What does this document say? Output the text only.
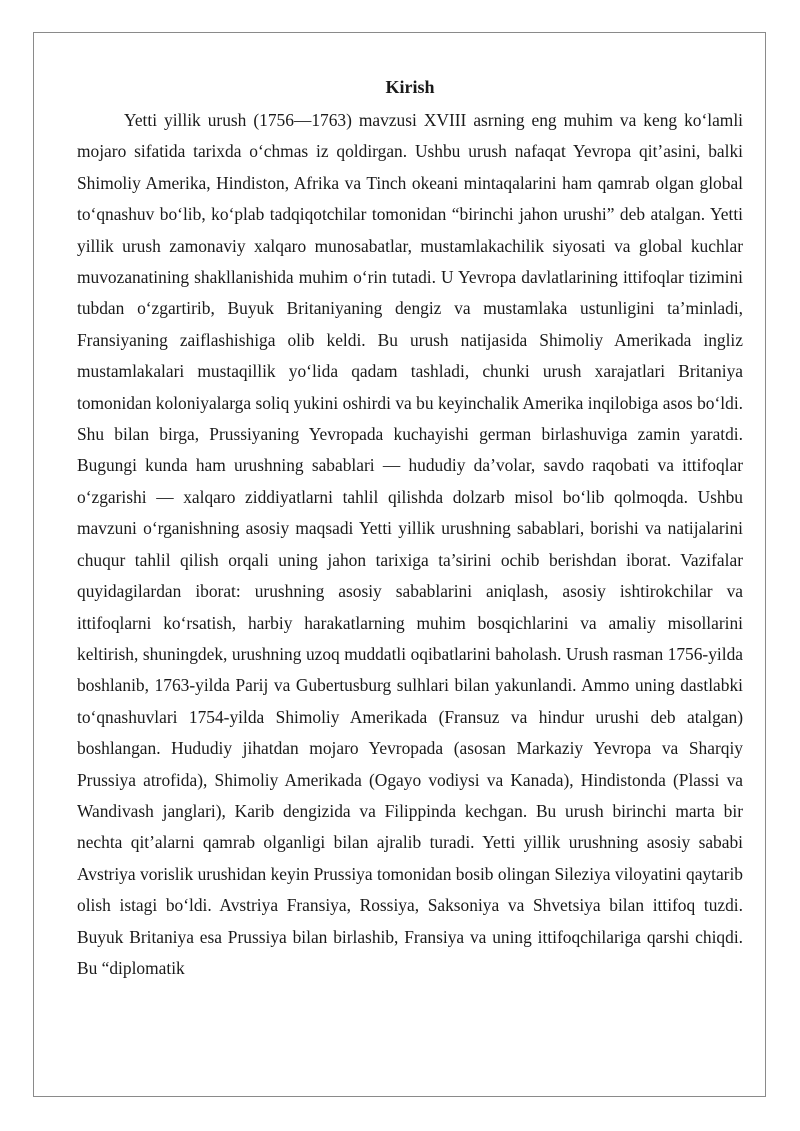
Kirish

Yetti yillik urush (1756—1763) mavzusi XVIII asrning eng muhim va keng ko‘lamli mojaro sifatida tarixda o‘chmas iz qoldirgan. Ushbu urush nafaqat Yevropa qit’asini, balki Shimoliy Amerika, Hindiston, Afrika va Tinch okeani mintaqalarini ham qamrab olgan global to‘qnashuv bo‘lib, ko‘plab tadqiqotchilar tomonidan “birinchi jahon urushi” deb atalgan. Yetti yillik urush zamonaviy xalqaro munosabatlar, mustamlakachilik siyosati va global kuchlar muvozanatining shakllanishida muhim o‘rin tutadi. U Yevropa davlatlarining ittifoqlar tizimini tubdan o‘zgartirib, Buyuk Britaniyaning dengiz va mustamlaka ustunligini ta’minladi, Fransiyaning zaiflashishiga olib keldi. Bu urush natijasida Shimoliy Amerikada ingliz mustamlakalari mustaqillik yo‘lida qadam tashladi, chunki urush xarajatlari Britaniya tomonidan koloniyalarga soliq yukini oshirdi va bu keyinchalik Amerika inqilobiga asos bo‘ldi. Shu bilan birga, Prussiyaning Yevropada kuchayishi german birlashuviga zamin yaratdi. Bugungi kunda ham urushning sabablari — hududiy da’volar, savdo raqobati va ittifoqlar o‘zgarishi — xalqaro ziddiyatlarni tahlil qilishda dolzarb misol bo‘lib qolmoqda. Ushbu mavzuni o‘rganishning asosiy maqsadi Yetti yillik urushning sabablari, borishi va natijalarini chuqur tahlil qilish orqali uning jahon tarixiga ta’sirini ochib berishdan iborat. Vazifalar quyidagilardan iborat: urushning asosiy sabablarini aniqlash, asosiy ishtirokchilar va ittifoqlarni ko‘rsatish, harbiy harakatlarning muhim bosqichlarini va amaliy misollarini keltirish, shuningdek, urushning uzoq muddatli oqibatlarini baholash. Urush rasman 1756-yilda boshlanib, 1763-yilda Parij va Gubertusburg sulhlari bilan yakunlandi. Ammo uning dastlabki to‘qnashuvlari 1754-yilda Shimoliy Amerikada (Fransuz va hindur urushi deb atalgan) boshlangan. Hududiy jihatdan mojaro Yevropada (asosan Markaziy Yevropa va Sharqiy Prussiya atrofida), Shimoliy Amerikada (Ogayo vodiysi va Kanada), Hindistonda (Plassi va Wandivash janglari), Karib dengizida va Filippinda kechgan. Bu urush birinchi marta bir nechta qit’alarni qamrab olganligi bilan ajralib turadi. Yetti yillik urushning asosiy sababi Avstriya vorislik urushidan keyin Prussiya tomonidan bosib olingan Sileziya viloyatini qaytarib olish istagi bo‘ldi. Avstriya Fransiya, Rossiya, Saksoniya va Shvetsiya bilan ittifoq tuzdi. Buyuk Britaniya esa Prussiya bilan birlashib, Fransiya va uning ittifoqchilariga qarshi chiqdi. Bu “diplomatik
